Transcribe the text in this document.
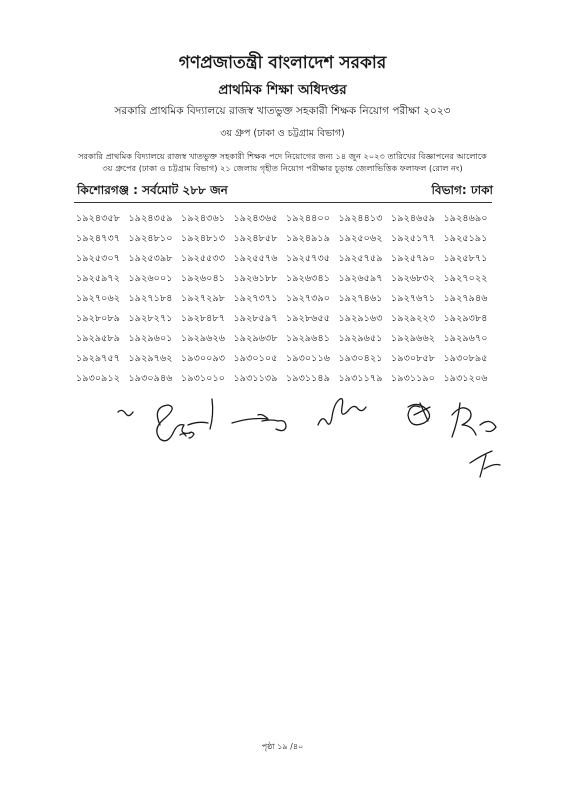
গণপ্রজাতন্ত্রী বাংলাদেশ সরকার
প্রাথমিক শিক্ষা অধিদপ্তর
সরকারি প্রাথমিক বিদ্যালয়ে রাজস্ব খাতভুক্ত সহকারী শিক্ষক নিয়োগ পরীক্ষা ২০২৩
৩য় গ্রুপ (ঢাকা ও চট্টগ্রাম বিভাগ)
সরকারি প্রাথমিক বিদ্যালয়ে রাজস্ব খাতভুক্ত সহকারী শিক্ষক পদে নিয়োগের জন্য ১৪ জুন ২০২৩ তারিখের বিজ্ঞাপনের আলোকে
৩য় গ্রুপের (ঢাকা ও চট্টগ্রাম বিভাগ) ২১ জেলায় গৃহীত নিয়োগ পরীক্ষার চূড়ান্ত জেলাভিত্তিক ফলাফল (রোল নং)
কিশোরগঞ্জ : সর্বমোট ২৮৮ জন	বিভাগ: ঢাকা
১৯২৪৩৫৮	১৯২৪৩৫৯	১৯২৪৩৬১	১৯২৪৩৬৫	১৯২৪৪০০	১৯২৪৪১৩	১৯২৪৬৫৯	১৯২৪৬৯০
১৯২৪৭৩৭	১৯২৪৮১০	১৯২৪৮১৩	১৯২৪৮৫৮	১৯২৪৯১৯	১৯২৫০৬২	১৯২৫১৭৭	১৯২৫১৯১
১৯২৫৩০৭	১৯২৫৩৯৮	১৯২৫৫৩৩	১৯২৫৫৭৬	১৯২৫৭৩৫	১৯২৫৭৫৯	১৯২৫৭৯০	১৯২৫৮৭১
১৯২৫৯৭২	১৯২৬০০১	১৯২৬০৪১	১৯২৬১৮৮	১৯২৬৩৪১	১৯২৬৫৯৭	১৯২৬৮৩২	১৯২৭০২২
১৯২৭০৬২	১৯২৭১৮৪	১৯২৭২৯৮	১৯২৭৩৭১	১৯২৭৩৯০	১৯২৭৪৬১	১৯২৭৬৭১	১৯২৭৯৪৬
১৯২৮০৮৯	১৯২৮২৭১	১৯২৮৪৮৭	১৯২৮৫৯৭	১৯২৮৬৫৫	১৯২৯১৬৩	১৯২৯২২৩	১৯২৯৩৮৪
১৯২৯৫৮৯	১৯২৯৬০১	১৯২৯৬২৬	১৯২৯৬৩৮	১৯২৯৬৪১	১৯২৯৬৫১	১৯২৯৬৬২	১৯২৯৬৭০
১৯২৯৭৫৭	১৯২৯৭৬২	১৯৩০০৯৩	১৯৩০১০৫	১৯৩০১১৬	১৯৩০৪২১	১৯৩০৮৫৮	১৯৩০৮৯৫
১৯৩০৯১২	১৯৩০৯৪৬	১৯৩১০১০	১৯৩১১৩৯	১৯৩১১৪৯	১৯৩১১৭৯	১৯৩১১৯০	১৯৩১২০৬
পৃষ্ঠা ১৯ /৪০
